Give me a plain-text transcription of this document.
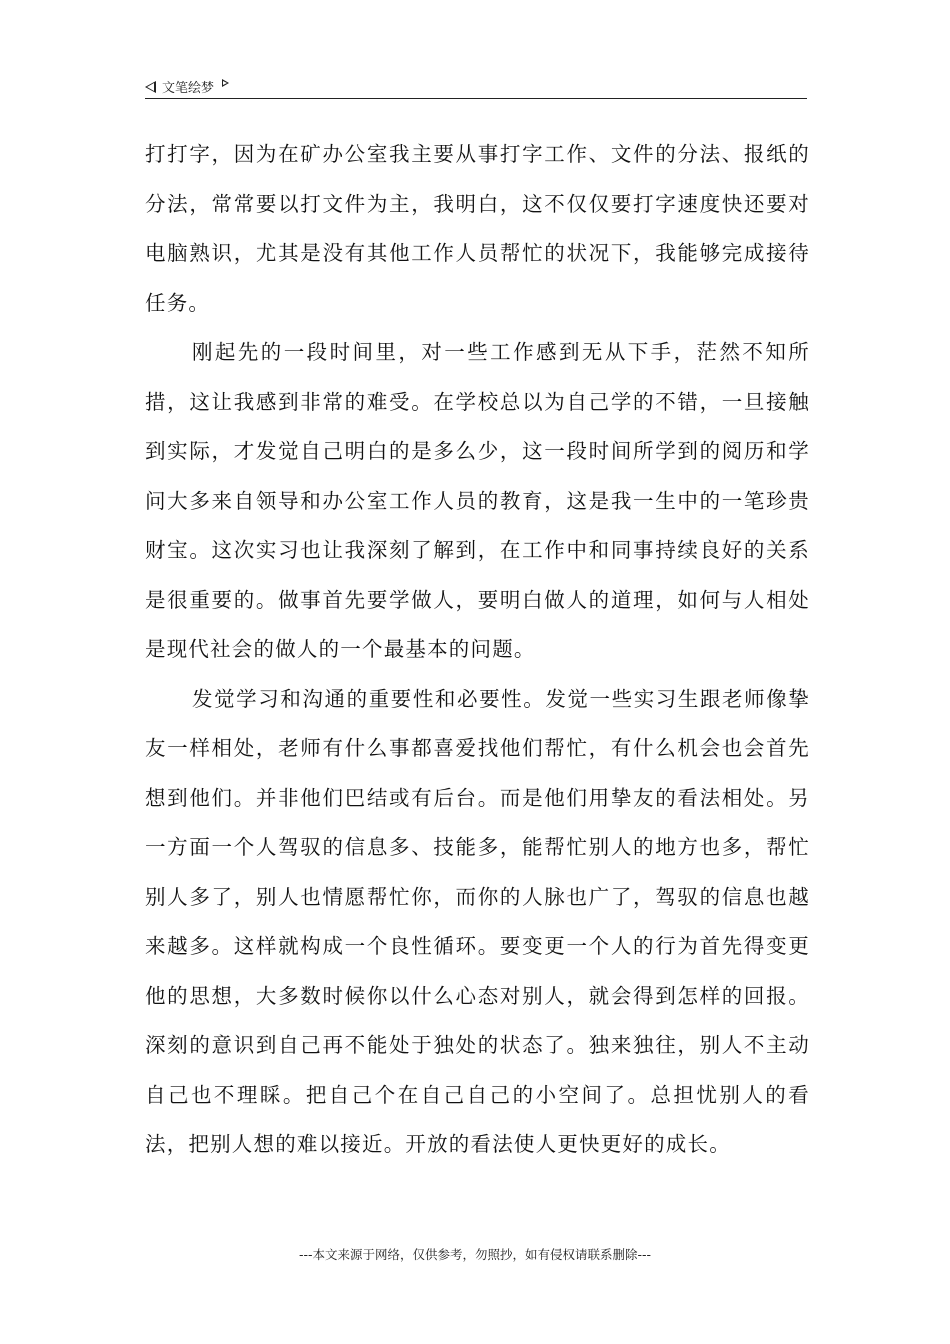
文笔绘梦

打打字，因为在矿办公室我主要从事打字工作、文件的分法、报纸的分法，常常要以打文件为主，我明白，这不仅仅要打字速度快还要对电脑熟识，尤其是没有其他工作人员帮忙的状况下，我能够完成接待任务。

刚起先的一段时间里，对一些工作感到无从下手，茫然不知所措，这让我感到非常的难受。在学校总以为自己学的不错，一旦接触到实际，才发觉自己明白的是多么少，这一段时间所学到的阅历和学问大多来自领导和办公室工作人员的教育，这是我一生中的一笔珍贵财宝。这次实习也让我深刻了解到，在工作中和同事持续良好的关系是很重要的。做事首先要学做人，要明白做人的道理，如何与人相处是现代社会的做人的一个最基本的问题。

发觉学习和沟通的重要性和必要性。发觉一些实习生跟老师像挚友一样相处，老师有什么事都喜爱找他们帮忙，有什么机会也会首先想到他们。并非他们巴结或有后台。而是他们用挚友的看法相处。另一方面一个人驾驭的信息多、技能多，能帮忙别人的地方也多，帮忙别人多了，别人也情愿帮忙你，而你的人脉也广了，驾驭的信息也越来越多。这样就构成一个良性循环。要变更一个人的行为首先得变更他的思想，大多数时候你以什么心态对别人，就会得到怎样的回报。深刻的意识到自己再不能处于独处的状态了。独来独往，别人不主动自己也不理睬。把自己个在自己自己的小空间了。总担忧别人的看法，把别人想的难以接近。开放的看法使人更快更好的成长。

---本文来源于网络，仅供参考，勿照抄，如有侵权请联系删除---
